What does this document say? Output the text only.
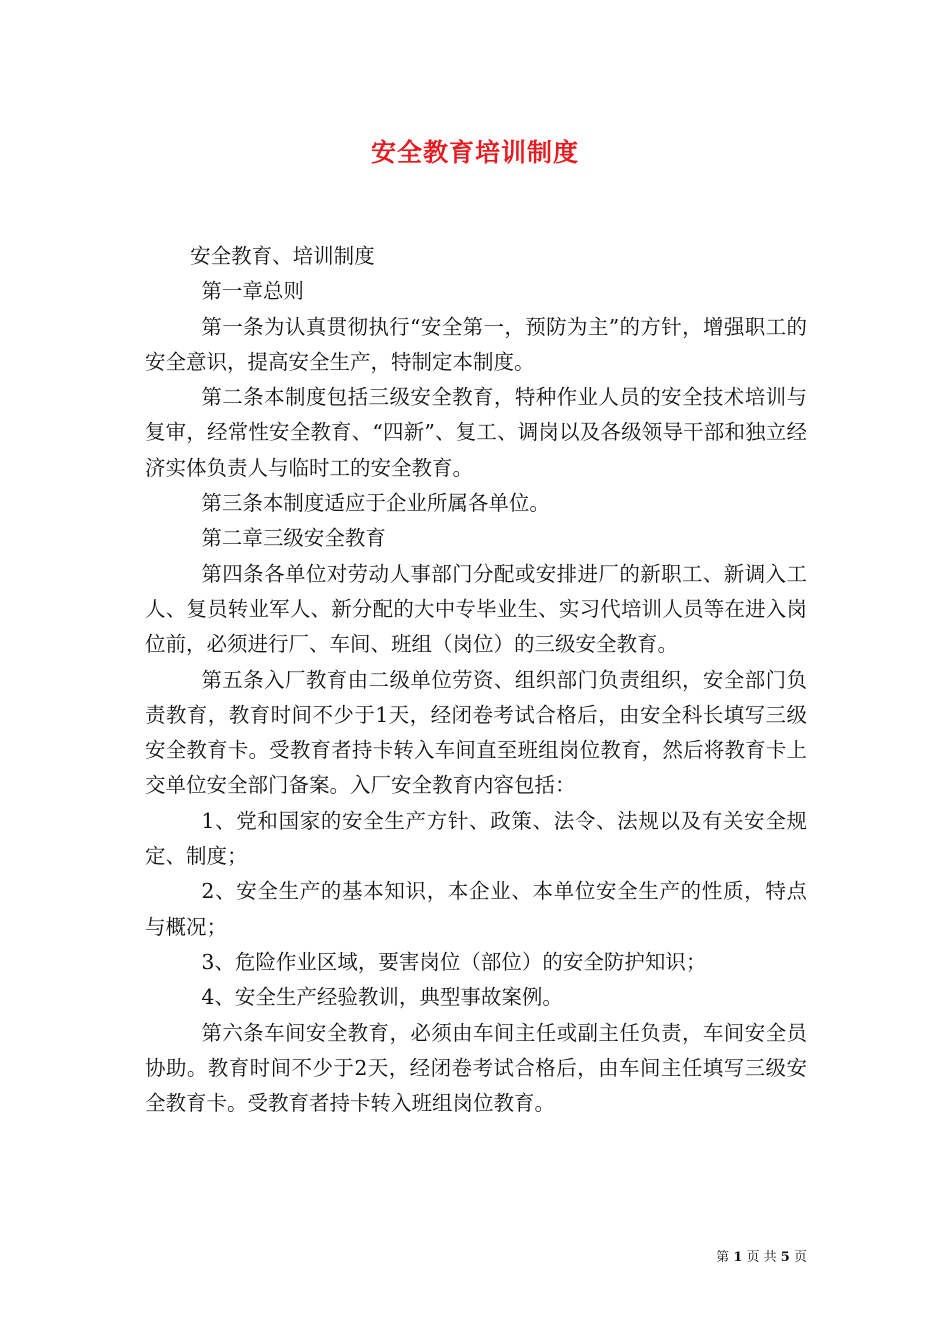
安全教育培训制度

安全教育、培训制度

第一章总则

第一条为认真贯彻执行“安全第一，预防为主”的方针，增强职工的安全意识，提高安全生产，特制定本制度。

第二条本制度包括三级安全教育，特种作业人员的安全技术培训与复审，经常性安全教育、“四新”、复工、调岗以及各级领导干部和独立经济实体负责人与临时工的安全教育。

第三条本制度适应于企业所属各单位。

第二章三级安全教育

第四条各单位对劳动人事部门分配或安排进厂的新职工、新调入工人、复员转业军人、新分配的大中专毕业生、实习代培训人员等在进入岗位前，必须进行厂、车间、班组（岗位）的三级安全教育。

第五条入厂教育由二级单位劳资、组织部门负责组织，安全部门负责教育，教育时间不少于1天，经闭卷考试合格后，由安全科长填写三级安全教育卡。受教育者持卡转入车间直至班组岗位教育，然后将教育卡上交单位安全部门备案。入厂安全教育内容包括：

1、党和国家的安全生产方针、政策、法令、法规以及有关安全规定、制度；

2、安全生产的基本知识，本企业、本单位安全生产的性质，特点与概况；

3、危险作业区域，要害岗位（部位）的安全防护知识；

4、安全生产经验教训，典型事故案例。

第六条车间安全教育，必须由车间主任或副主任负责，车间安全员协助。教育时间不少于2天，经闭卷考试合格后，由车间主任填写三级安全教育卡。受教育者持卡转入班组岗位教育。

第 1 页 共 5 页
